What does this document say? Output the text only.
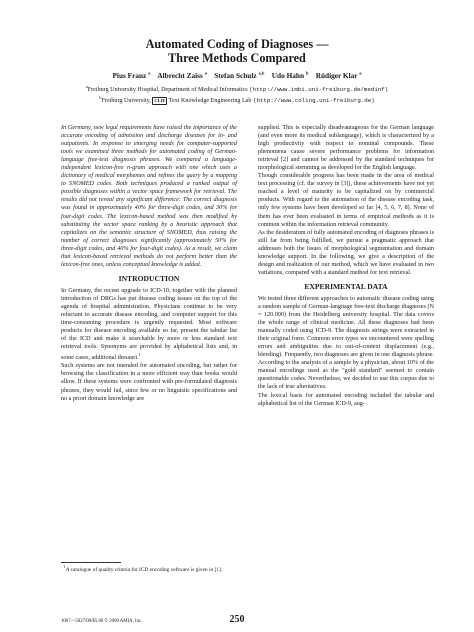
Automated Coding of Diagnoses —
Three Methods Compared
Pius Franz $^a$ Albrecht Zaiss $^a$ Stefan Schulz $^{a,b}$ Udo Hahn $^b$ Rüdiger Klar $^a$
$^a$Freiburg University Hospital, Department of Medical Informatics (http://www.imbi.uni-freiburg.de/medinf)
$^b$Freiburg University, CLIF Text Knowledge Engineering Lab (http://www.coling.uni-freiburg.de)

In Germany, new legal requirements have raised the importance of the accurate encoding of admission and discharge diseases for in- and outpatients. In response to emerging needs for computer-supported tools we examined three methods for automated coding of German-language free-text diagnosis phrases. We compared a language-independent lexicon-free n-gram approach with one which uses a dictionary of medical morphemes and refines the query by a mapping to SNOMED codes. Both techniques produced a ranked output of possible diagnoses within a vector space framework for retrieval. The results did not reveal any significant difference: The correct diagnosis was found in approximately 40% for three-digit codes, and 30% for four-digit codes. The lexicon-based method was then modified by substituting the vector space ranking by a heuristic approach that capitalizes on the semantic structure of SNOMED, thus raising the number of correct diagnoses significantly (approximately 50% for three-digit codes, and 40% for four-digit codes). As a result, we claim that lexicon-based retrieval methods do not perform better than the lexicon-free ones, unless conceptual knowledge is added.

INTRODUCTION

In Germany, the recent upgrade to ICD-10, together with the planned introduction of DRGs has put disease coding issues on the top of the agenda of hospital administration. Physicians continue to be very reluctant to accurate disease encoding, and computer support for this time-consuming procedure is urgently requested. Most software products for disease encoding available so far, present the tabular list of the ICD and make it searchable by more or less standard text retrieval tools. Synonyms are provided by alphabetical lists and, in some cases, additional thesauri.$^1$

Such systems are not intended for automated encoding, but rather for browsing the classification in a more efficient way than books would allow. If these systems were confronted with pre-formulated diagnosis phrases, they would fail, since few or no linguistic specifications and no a priori domain knowledge are

$^1$A catalogue of quality criteria for ICD encoding software is given in [1].

supplied. This is especially disadvantageous for the German language (and even more its medical sublanguage), which is characterized by a high productivity with respect to nominal compounds. These phenomena cause severe performance problems for information retrieval [2] and cannot be addressed by the standard techniques for morphological stemming as developed for the English language.

Though considerable progress has been made in the area of medical text processing (cf. the survey in [3]), these achievements have not yet reached a level of maturity to be capitalized on by commercial products. With regard to the automation of the disease encoding task, only few systems have been developed so far [4, 5, 6, 7, 8]. None of them has ever been evaluated in terms of empirical methods as it is common within the information retrieval community.

As the desideratum of fully automated encoding of diagnosis phrases is still far from being fulfilled, we pursue a pragmatic approach that addresses both the issues of morphological segmentation and domain knowledge support. In the following, we give a description of the design and realization of our method, which we have evaluated in two variations, compared with a standard method for text retrieval.

EXPERIMENTAL DATA

We tested three different approaches to automatic disease coding using a random sample of German-language free-text discharge diagnoses (N = 120.000) from the Heidelberg university hospital. The data covers the whole range of clinical medicine. All these diagnoses had been manually coded using ICD-9. The diagnosis strings were extracted in their original form. Common error types we encountered were spelling errors and ambiguities due to out-of-context displacement (e.g., bleeding). Frequently, two diagnoses are given in one diagnosis phrase. According to the analysis of a sample by a physician, about 10% of the manual encodings used as the "gold standard" seemed to contain questionable codes. Nevertheless, we decided to use this corpus due to the lack of true alternatives.

The lexical basis for automated encoding included the tabular and alphabetical list of the German ICD-9, aug-

1067—5027/00/$5.00 © 2000 AMIA, Inc.	250
